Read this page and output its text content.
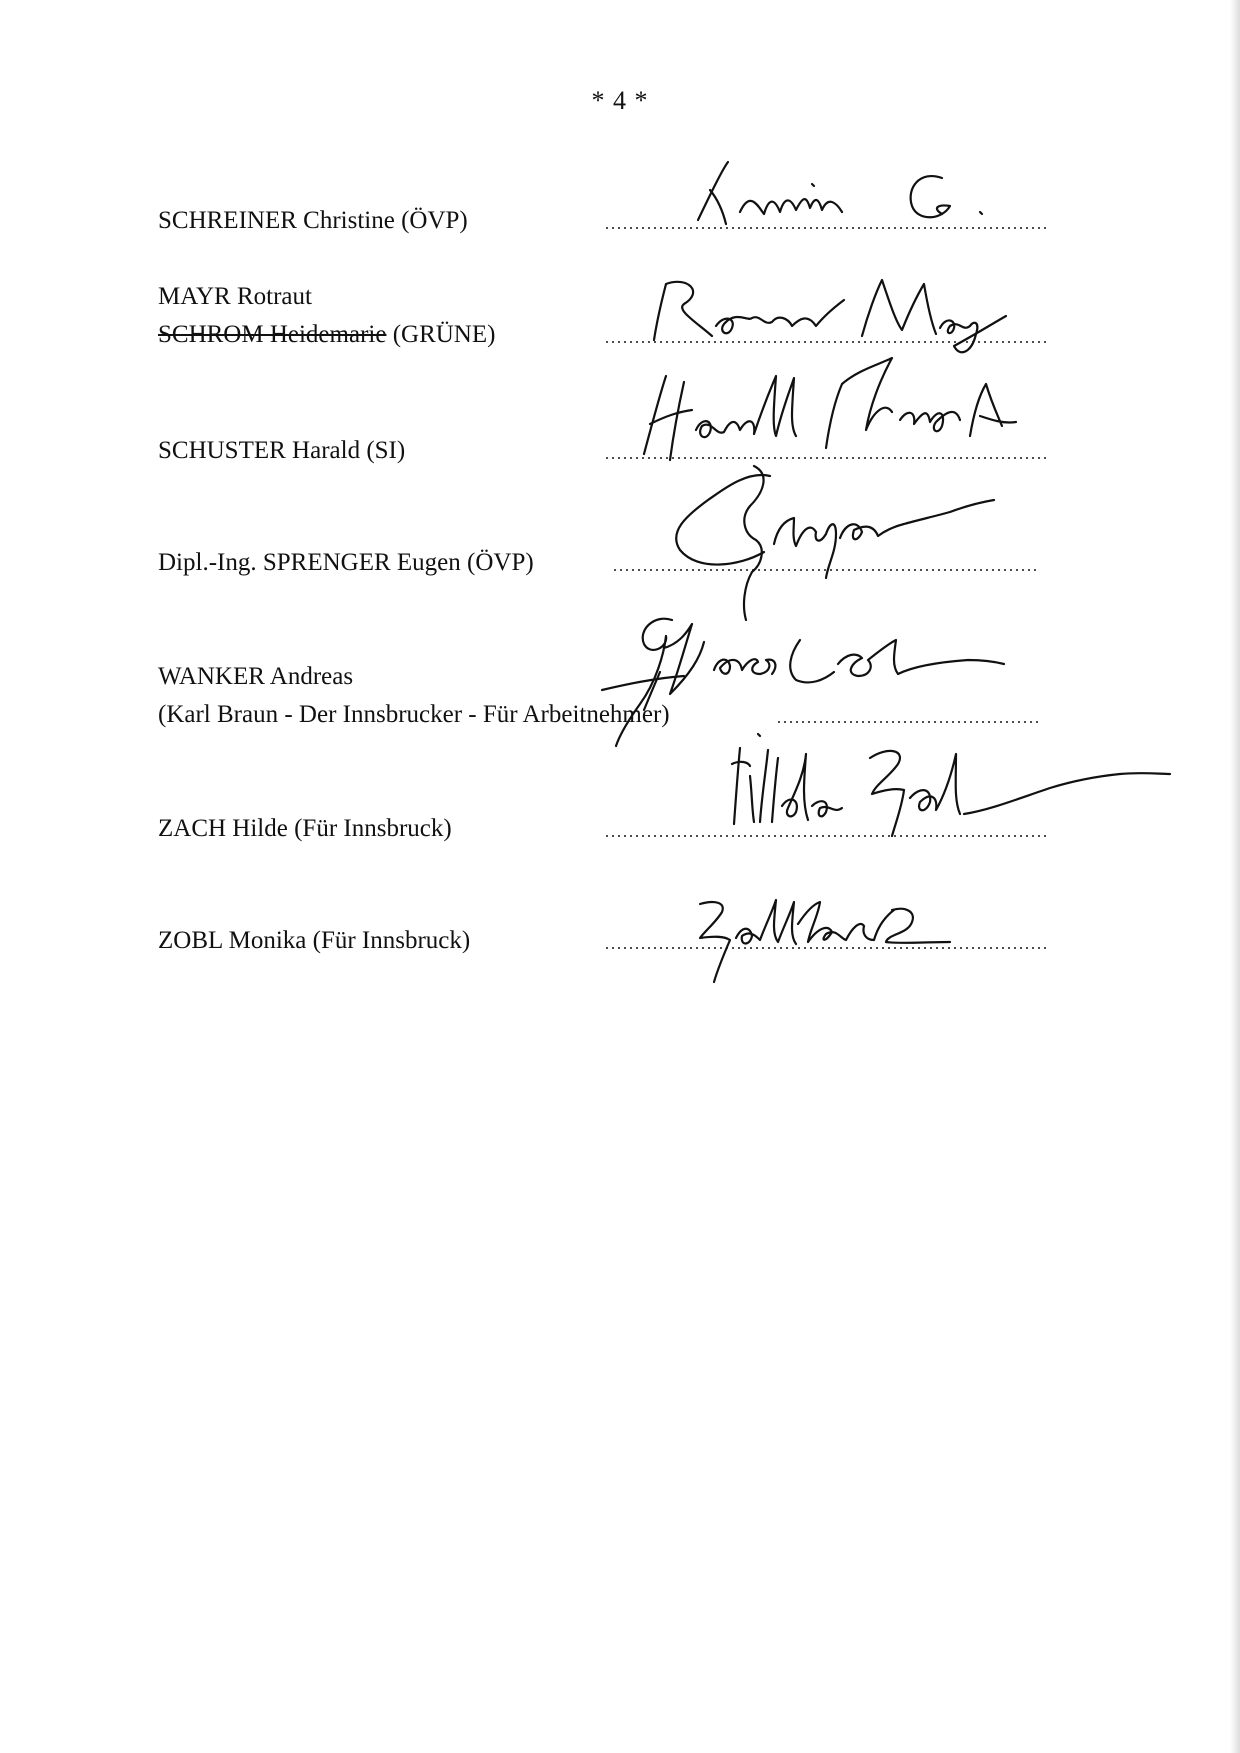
* 4 *
SCHREINER Christine (ÖVP)
MAYR Rotraut
SCHROM Heidemarie (GRÜNE)
SCHUSTER Harald (SI)
Dipl.-Ing. SPRENGER Eugen (ÖVP)
WANKER Andreas
(Karl Braun - Der Innsbrucker - Für Arbeitnehmer)
ZACH Hilde (Für Innsbruck)
ZOBL Monika (Für Innsbruck)
